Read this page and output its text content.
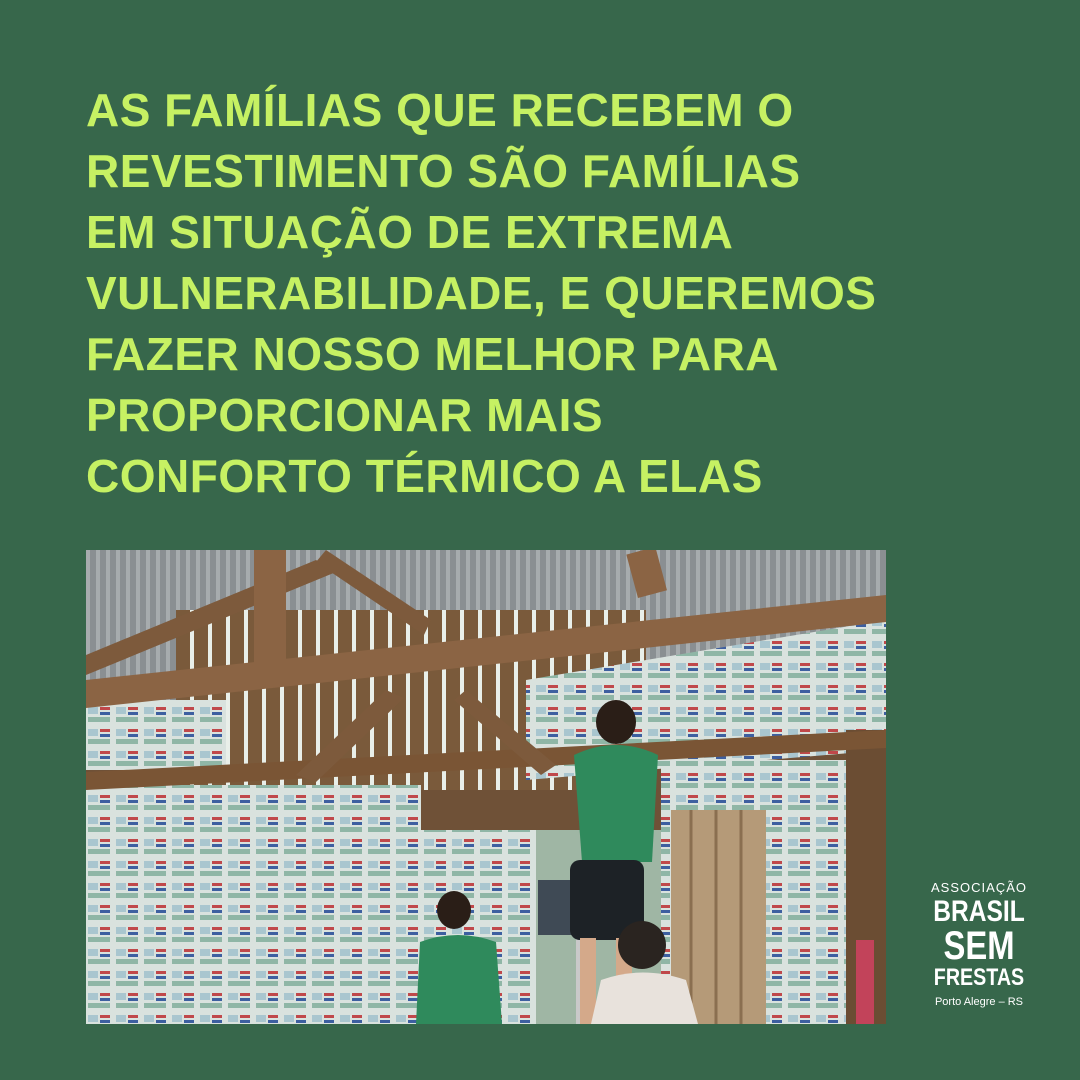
AS FAMÍLIAS QUE RECEBEM O
REVESTIMENTO SÃO FAMÍLIAS
EM SITUAÇÃO DE EXTREMA
VULNERABILIDADE, E QUEREMOS
FAZER NOSSO MELHOR PARA
PROPORCIONAR MAIS
CONFORTO TÉRMICO A ELAS
ASSOCIAÇÃO
BRASIL
SEM
FRESTAS
Porto Alegre – RS
